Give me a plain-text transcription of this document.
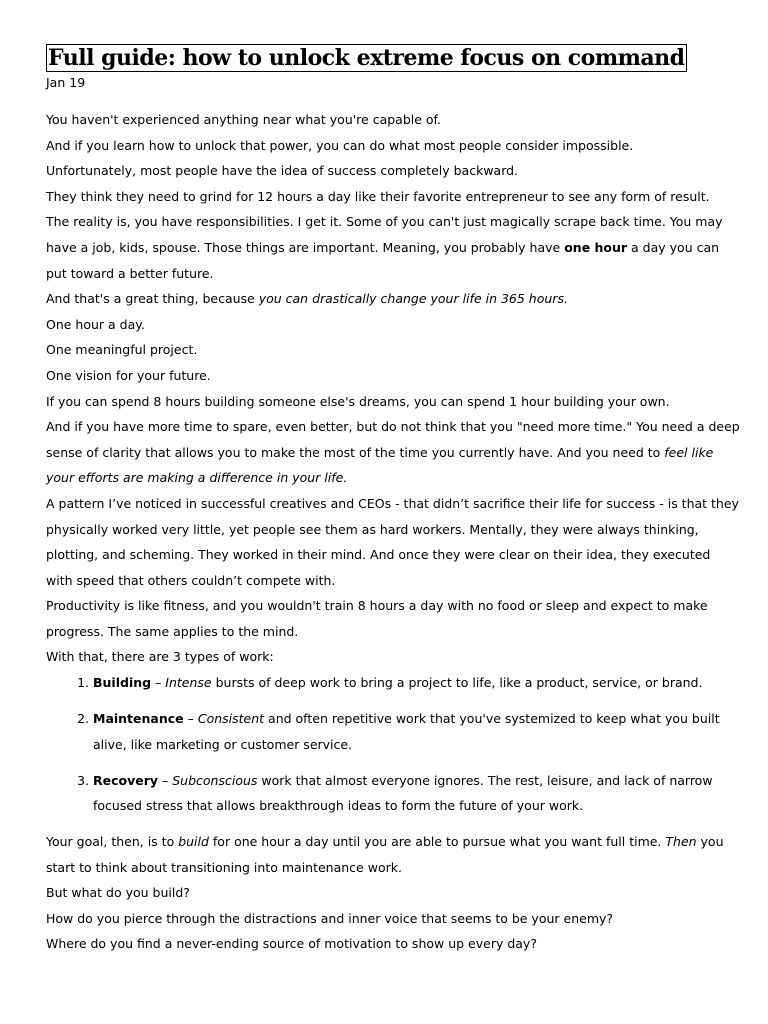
Full guide: how to unlock extreme focus on command
Jan 19

You haven't experienced anything near what you're capable of.

And if you learn how to unlock that power, you can do what most people consider impossible.

Unfortunately, most people have the idea of success completely backward.

They think they need to grind for 12 hours a day like their favorite entrepreneur to see any form of result.

The reality is, you have responsibilities. I get it. Some of you can't just magically scrape back time. You may have a job, kids, spouse. Those things are important. Meaning, you probably have one hour a day you can put toward a better future.

And that's a great thing, because you can drastically change your life in 365 hours.

One hour a day.

One meaningful project.

One vision for your future.

If you can spend 8 hours building someone else's dreams, you can spend 1 hour building your own.

And if you have more time to spare, even better, but do not think that you "need more time." You need a deep sense of clarity that allows you to make the most of the time you currently have. And you need to feel like your efforts are making a difference in your life.

A pattern I’ve noticed in successful creatives and CEOs - that didn’t sacrifice their life for success - is that they physically worked very little, yet people see them as hard workers. Mentally, they were always thinking, plotting, and scheming. They worked in their mind. And once they were clear on their idea, they executed with speed that others couldn’t compete with.

Productivity is like fitness, and you wouldn't train 8 hours a day with no food or sleep and expect to make progress. The same applies to the mind.

With that, there are 3 types of work:

1. Building – Intense bursts of deep work to bring a project to life, like a product, service, or brand.
2. Maintenance – Consistent and often repetitive work that you've systemized to keep what you built alive, like marketing or customer service.
3. Recovery – Subconscious work that almost everyone ignores. The rest, leisure, and lack of narrow focused stress that allows breakthrough ideas to form the future of your work.

Your goal, then, is to build for one hour a day until you are able to pursue what you want full time. Then you start to think about transitioning into maintenance work.

But what do you build?

How do you pierce through the distractions and inner voice that seems to be your enemy?

Where do you find a never-ending source of motivation to show up every day?
